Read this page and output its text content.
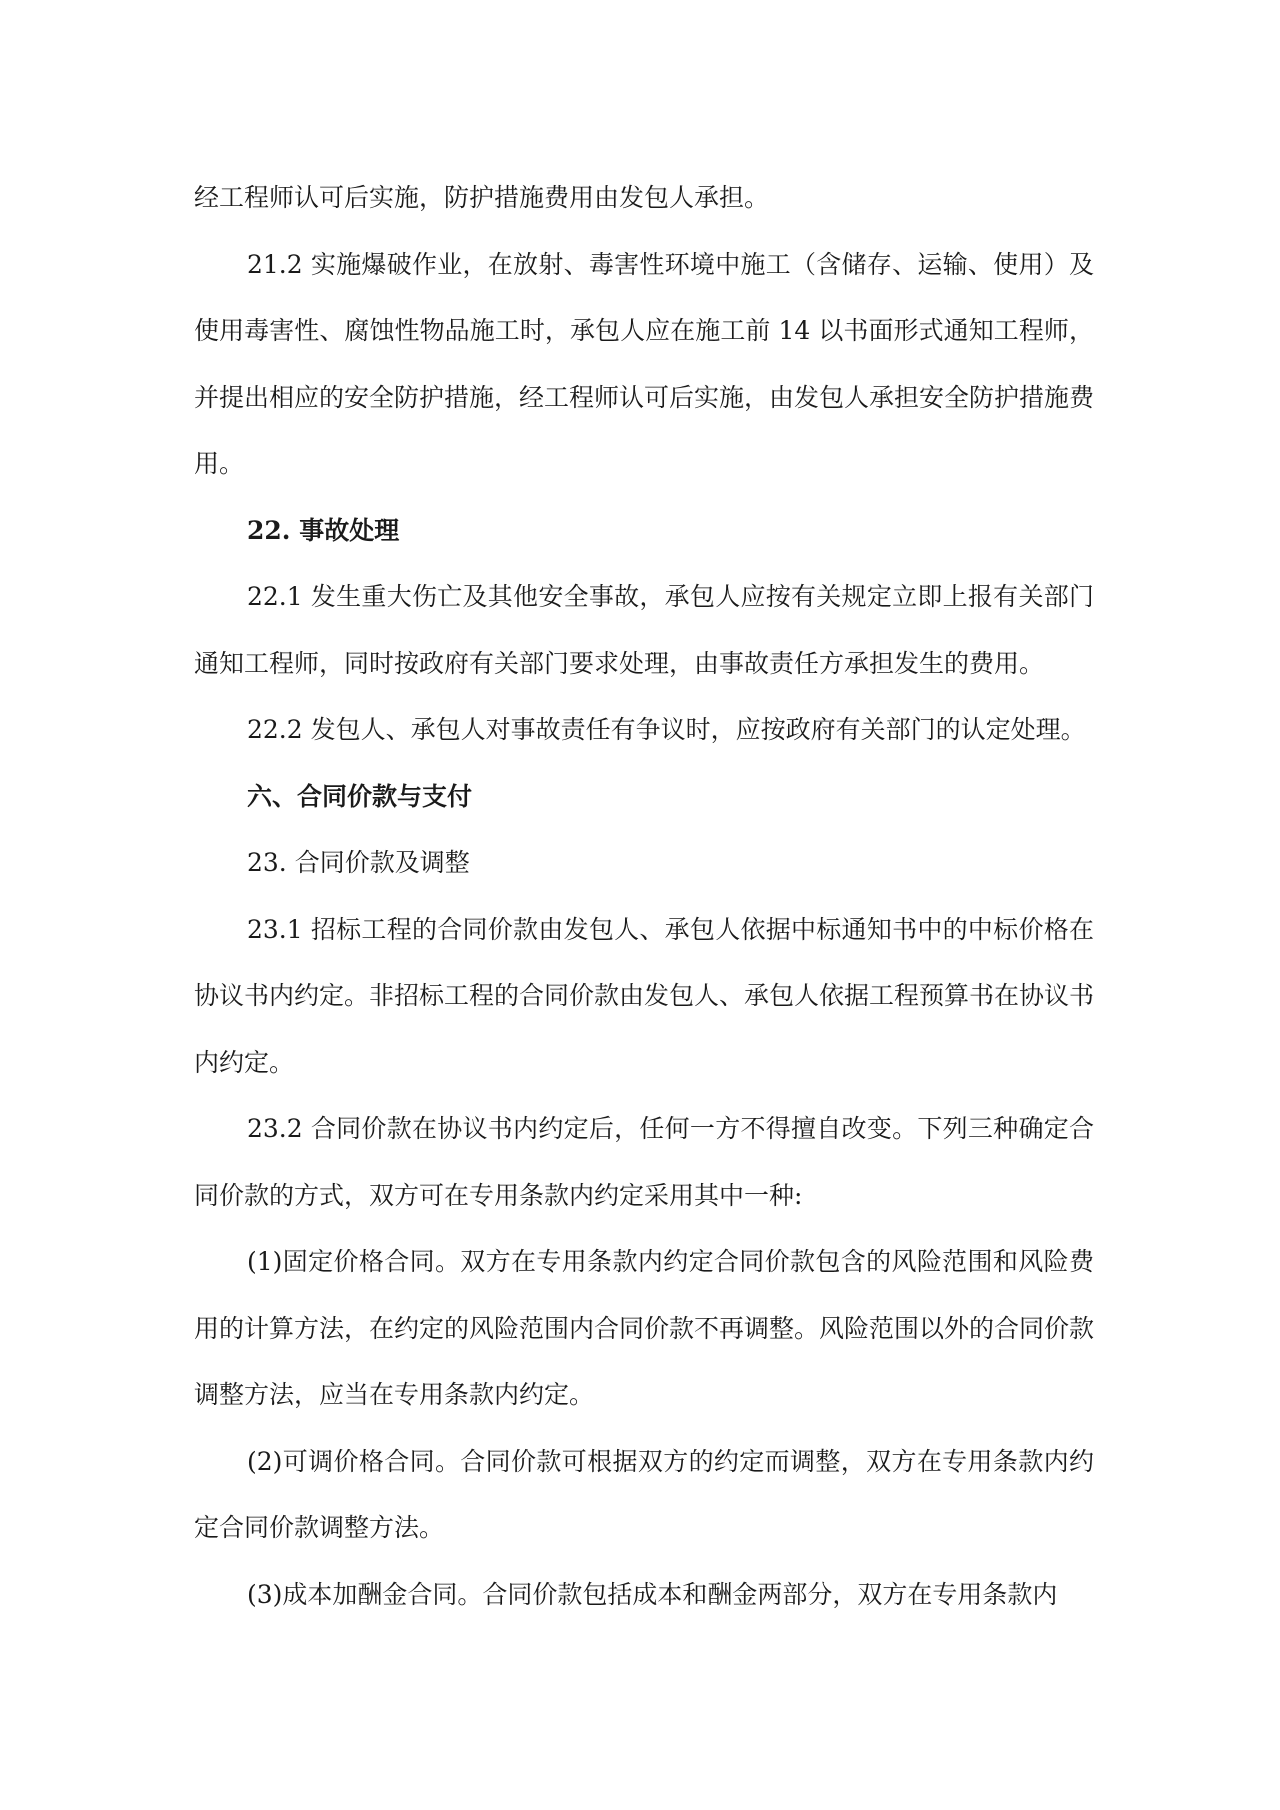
经工程师认可后实施，防护措施费用由发包人承担。

21.2 实施爆破作业，在放射、毒害性环境中施工（含储存、运输、使用）及使用毒害性、腐蚀性物品施工时，承包人应在施工前 14 以书面形式通知工程师，并提出相应的安全防护措施，经工程师认可后实施，由发包人承担安全防护措施费用。

22. 事故处理

22.1 发生重大伤亡及其他安全事故，承包人应按有关规定立即上报有关部门通知工程师，同时按政府有关部门要求处理，由事故责任方承担发生的费用。

22.2 发包人、承包人对事故责任有争议时，应按政府有关部门的认定处理。

六、合同价款与支付

23. 合同价款及调整

23.1 招标工程的合同价款由发包人、承包人依据中标通知书中的中标价格在协议书内约定。非招标工程的合同价款由发包人、承包人依据工程预算书在协议书内约定。

23.2 合同价款在协议书内约定后，任何一方不得擅自改变。下列三种确定合同价款的方式，双方可在专用条款内约定采用其中一种:

(1)固定价格合同。双方在专用条款内约定合同价款包含的风险范围和风险费用的计算方法，在约定的风险范围内合同价款不再调整。风险范围以外的合同价款调整方法，应当在专用条款内约定。

(2)可调价格合同。合同价款可根据双方的约定而调整，双方在专用条款内约定合同价款调整方法。

(3)成本加酬金合同。合同价款包括成本和酬金两部分，双方在专用条款内
